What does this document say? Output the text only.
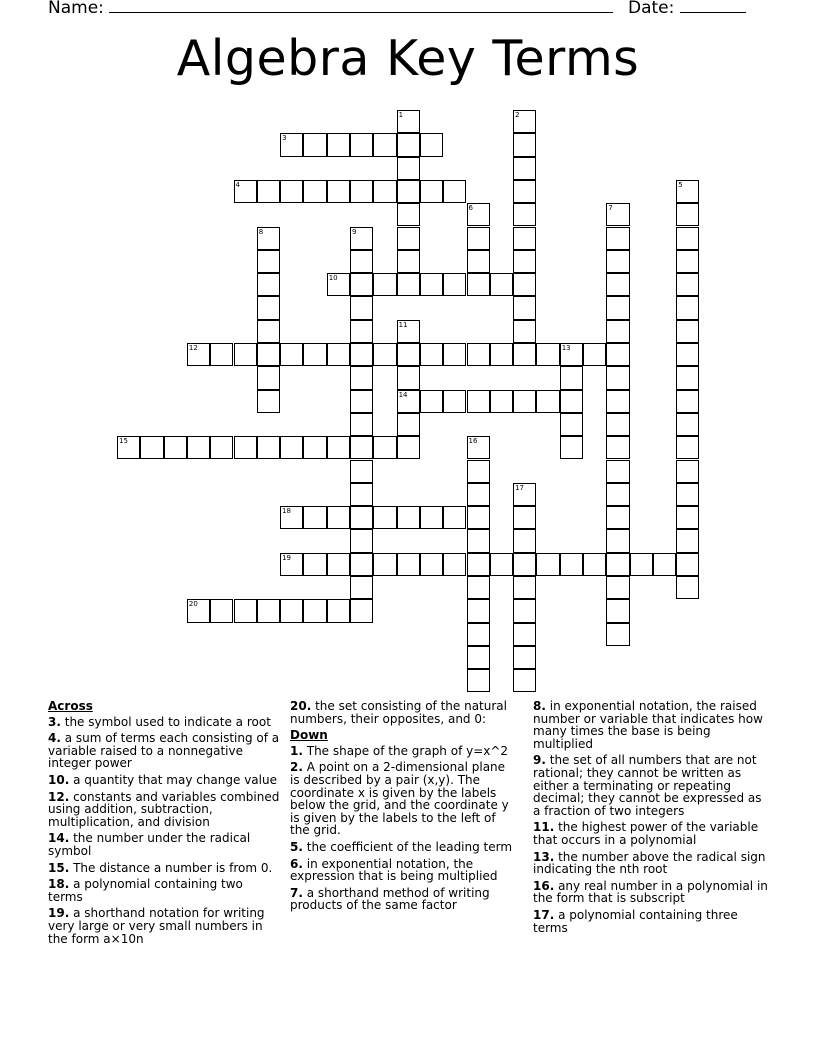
Name:	Date:
Algebra Key Terms
3
4
10
12
14
15
18
19
20
1	2
5
6	7
8	9
11
13
16
17
Across
3. the symbol used to indicate a root
4. a sum of terms each consisting of a variable raised to a nonnegative integer power
10. a quantity that may change value
12. constants and variables combined using addition, subtraction, multiplication, and division
14. the number under the radical symbol
15. The distance a number is from 0.
18. a polynomial containing two terms
19. a shorthand notation for writing very large or very small numbers in the form a×10n
20. the set consisting of the natural numbers, their opposites, and 0:
Down
1. The shape of the graph of y=x^2
2. A point on a 2-dimensional plane is described by a pair (x,y). The coordinate x is given by the labels below the grid, and the coordinate y is given by the labels to the left of the grid.
5. the coefficient of the leading term
6. in exponential notation, the expression that is being multiplied
7. a shorthand method of writing products of the same factor
8. in exponential notation, the raised number or variable that indicates how many times the base is being multiplied
9. the set of all numbers that are not rational; they cannot be written as either a terminating or repeating decimal; they cannot be expressed as a fraction of two integers
11. the highest power of the variable that occurs in a polynomial
13. the number above the radical sign indicating the nth root
16. any real number in a polynomial in the form that is subscript
17. a polynomial containing three terms
